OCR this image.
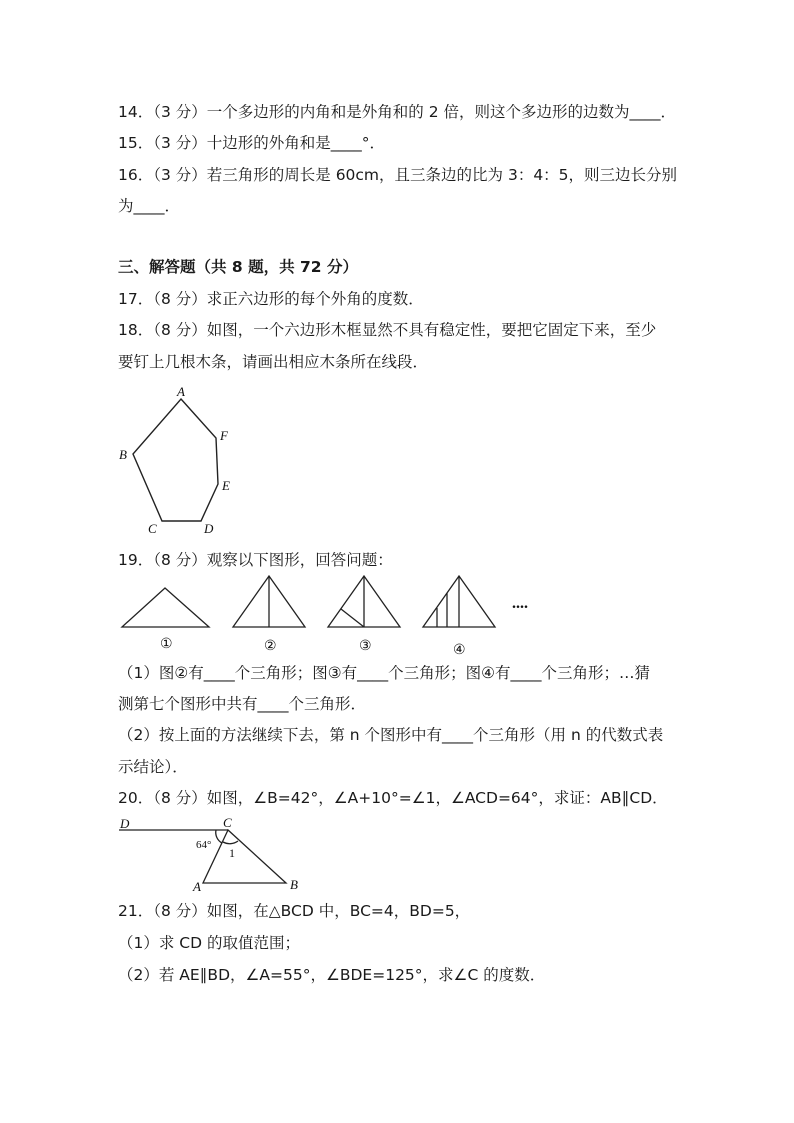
14．（3 分）一个多边形的内角和是外角和的 2 倍，则这个多边形的边数为____．
15．（3 分）十边形的外角和是____°．
16．（3 分）若三角形的周长是 60cm，且三条边的比为 3：4：5，则三边长分别
为____．
三、解答题（共 8 题，共 72 分）
17．（8 分）求正六边形的每个外角的度数．
18．（8 分）如图，一个六边形木框显然不具有稳定性，要把它固定下来，至少
要钉上几根木条，请画出相应木条所在线段．
A
F
B
E
C	D
19．（8 分）观察以下图形，回答问题：
①	②	③	④
....
（1）图②有____个三角形；图③有____个三角形；图④有____个三角形；…猜
测第七个图形中共有____个三角形．
（2）按上面的方法继续下去，第 n 个图形中有____个三角形（用 n 的代数式表
示结论）．
20．（8 分）如图，∠B=42°，∠A+10°=∠1，∠ACD=64°，求证：AB∥CD．
D	C
64°
1
A	B
21．（8 分）如图，在△BCD 中，BC=4，BD=5，
（1）求 CD 的取值范围；
（2）若 AE∥BD，∠A=55°，∠BDE=125°，求∠C 的度数．
